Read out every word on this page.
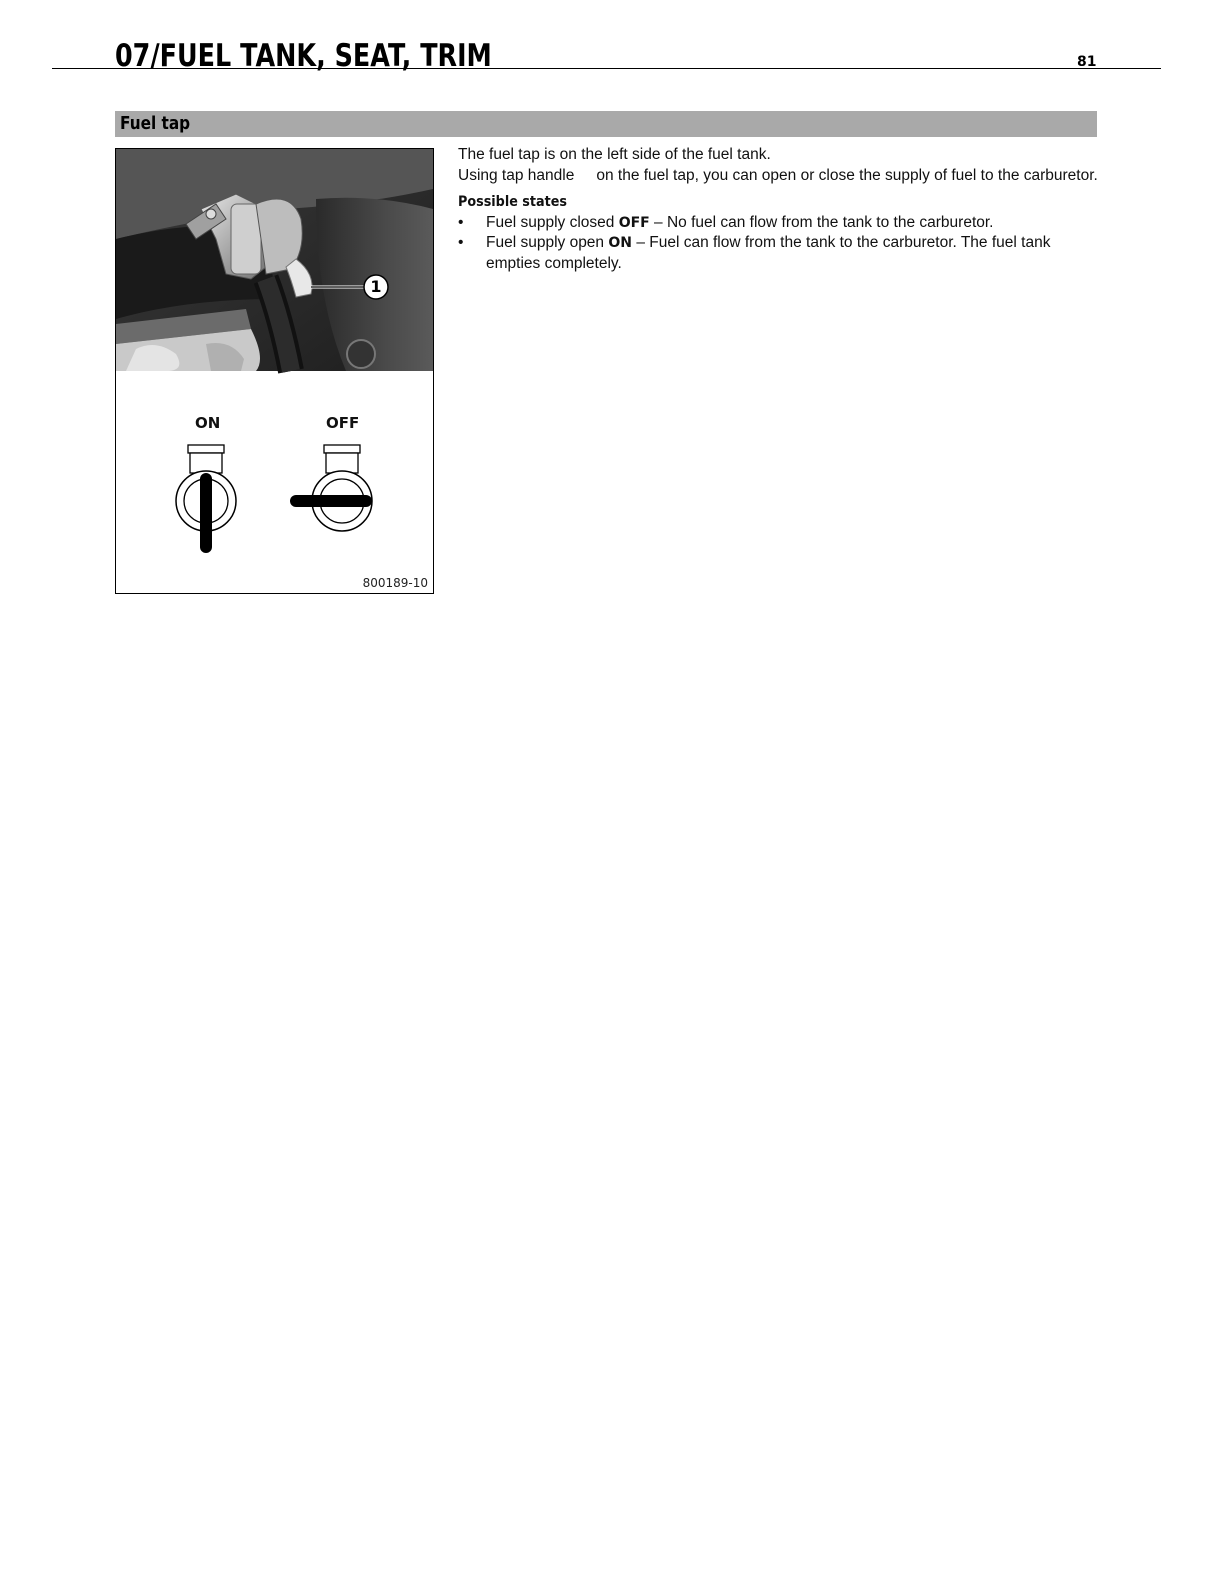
07/FUEL TANK, SEAT, TRIM	81
Fuel tap
1
ON	OFF
800189-10

The fuel tap is on the left side of the fuel tank.

Using tap handle on the fuel tap, you can open or close the supply of fuel to the carburetor.

Possible states

• Fuel supply closed OFF – No fuel can flow from the tank to the carburetor.
• Fuel supply open ON – Fuel can flow from the tank to the carburetor. The fuel tank empties completely.
